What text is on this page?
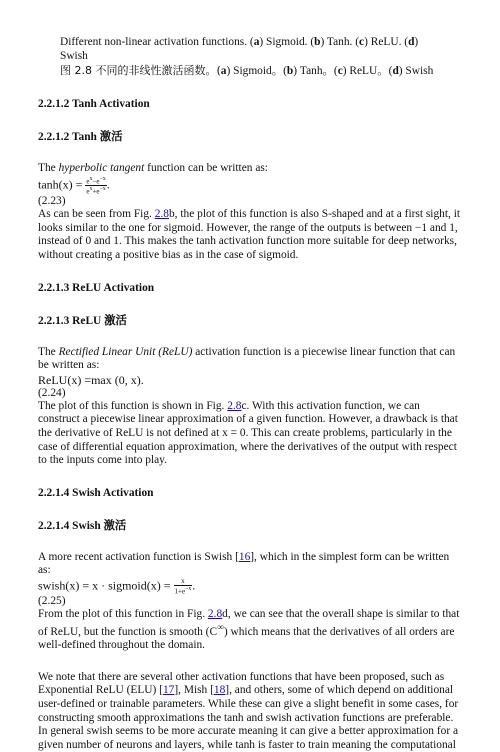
Different non-linear activation functions. (a) Sigmoid. (b) Tanh. (c) ReLU. (d)
Swish

图 2.8 不同的非线性激活函数。(a) Sigmoid。(b) Tanh。(c) ReLU。(d) Swish

2.2.1.2 Tanh Activation
2.2.1.2 Tanh 激活

The hyperbolic tangent function can be written as:

$\tanh(x) = \frac{e^x-e^{-x}}{e^x+e^{-x}}$ .

(2.23)

As can be seen from Fig. 2.8b, the plot of this function is also S-shaped and at a first sight, it looks similar to the one for sigmoid. However, the range of the outputs is between −1 and 1, instead of 0 and 1. This makes the tanh activation function more suitable for deep networks, without creating a positive bias as in the case of sigmoid.

2.2.1.3 ReLU Activation
2.2.1.3 ReLU 激活

The Rectified Linear Unit (ReLU) activation function is a piecewise linear function that can be written as:

ReLU(x) =max (0, x).

(2.24)

The plot of this function is shown in Fig. 2.8c. With this activation function, we can construct a piecewise linear approximation of a given function. However, a drawback is that the derivative of ReLU is not defined at x = 0. This can create problems, particularly in the case of differential equation approximation, where the derivatives of the output with respect to the inputs come into play.

2.2.1.4 Swish Activation
2.2.1.4 Swish 激活

A more recent activation function is Swish [16], which in the simplest form can be written as:

swish(x) = x · sigmoid(x) = $\frac{x}{1+e^{-x}}$ .

(2.25)

From the plot of this function in Fig. 2.8d, we can see that the overall shape is similar to that of ReLU, but the function is smooth (C∞) which means that the derivatives of all orders are well-defined throughout the domain.

We note that there are several other activation functions that have been proposed, such as Exponential ReLU (ELU) [17], Mish [18], and others, some of which depend on additional user-defined or trainable parameters. While these can give a slight benefit in some cases, for constructing smooth approximations the tanh and swish activation functions are preferable. In general swish seems to be more accurate meaning it can give a better approximation for a given number of neurons and layers, while tanh is faster to train meaning the computational
